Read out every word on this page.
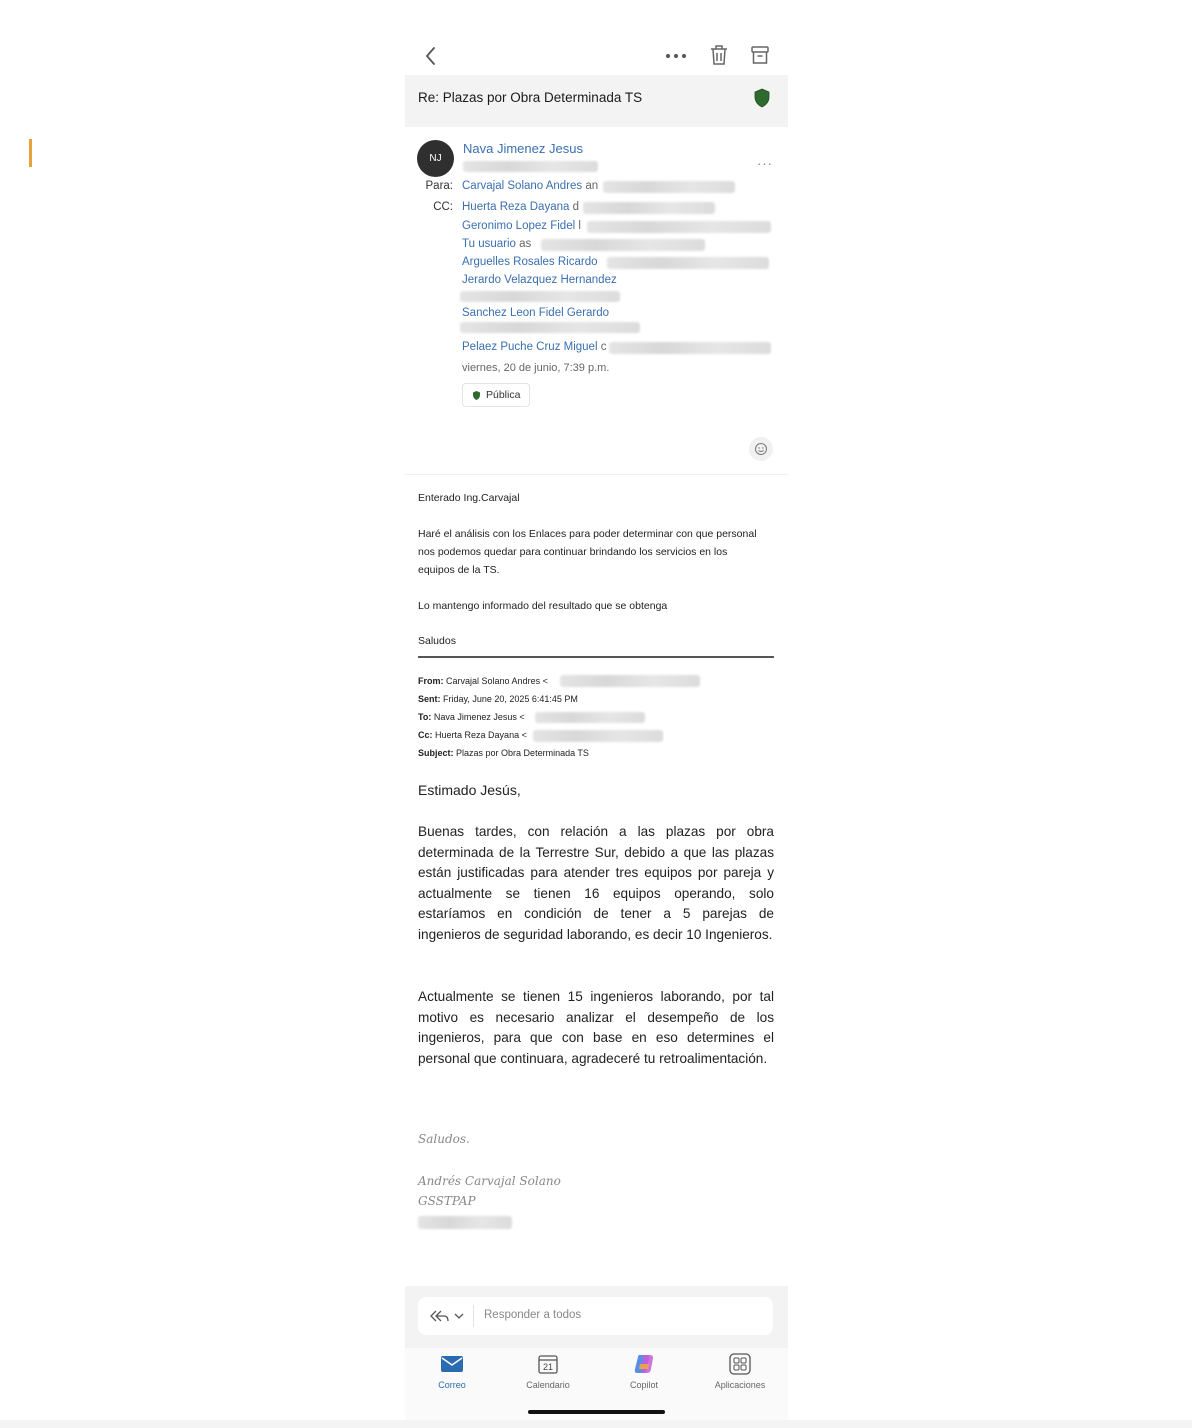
Re: Plazas por Obra Determinada TS
NJ
Nava Jimenez Jesus
···
Para: Carvajal Solano Andres an
CC: Huerta Reza Dayana d
Geronimo Lopez Fidel l
Tu usuario as
Arguelles Rosales Ricardo
Jerardo Velazquez Hernandez
Sanchez Leon Fidel Gerardo
Pelaez Puche Cruz Miguel c
viernes, 20 de junio, 7:39 p.m.
Pública
Enterado Ing.Carvajal
Haré el análisis con los Enlaces para poder determinar con que personal nos podemos quedar para continuar brindando los servicios en los equipos de la TS.
Lo mantengo informado del resultado que se obtenga
Saludos
From: Carvajal Solano Andres <
Sent: Friday, June 20, 2025 6:41:45 PM
To: Nava Jimenez Jesus <
Cc: Huerta Reza Dayana <
Subject: Plazas por Obra Determinada TS
Estimado Jesús,
Buenas tardes, con relación a las plazas por obra determinada de la Terrestre Sur, debido a que las plazas están justificadas para atender tres equipos por pareja y actualmente se tienen 16 equipos operando, solo estaríamos en condición de tener a 5 parejas de ingenieros de seguridad laborando, es decir 10 Ingenieros.
Actualmente se tienen 15 ingenieros laborando, por tal motivo es necesario analizar el desempeño de los ingenieros, para que con base en eso determines el personal que continuara, agradeceré tu retroalimentación.
Saludos.
Andrés Carvajal Solano
GSSTPAP
Responder a todos
Correo
21
Calendario	Copilot	Aplicaciones
